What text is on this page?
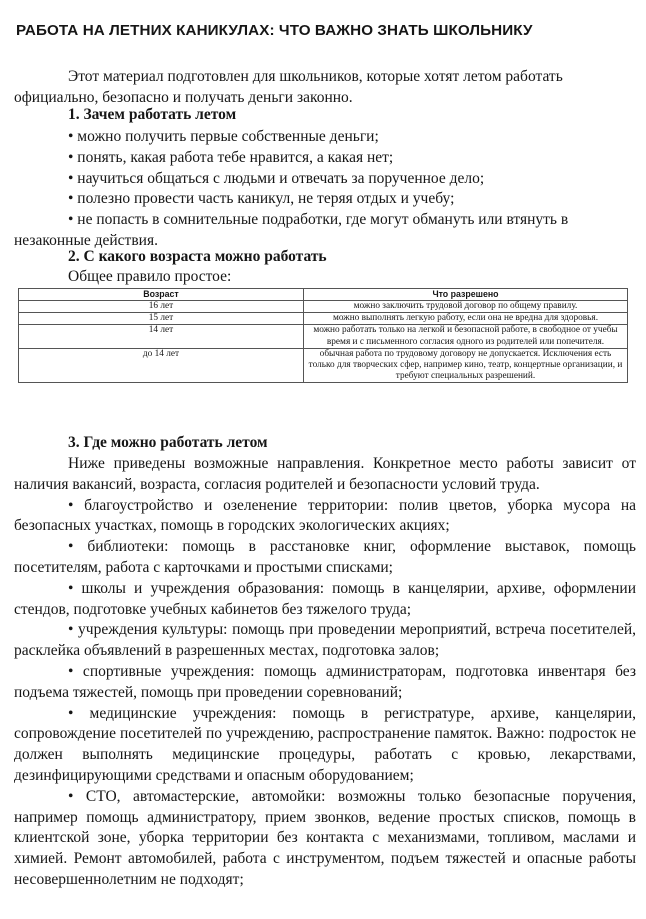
РАБОТА НА ЛЕТНИХ КАНИКУЛАХ: ЧТО ВАЖНО ЗНАТЬ ШКОЛЬНИКУ
Этот материал подготовлен для школьников, которые хотят летом работать
официально, безопасно и получать деньги законно.
1. Зачем работать летом
• можно получить первые собственные деньги;
• понять, какая работа тебе нравится, а какая нет;
• научиться общаться с людьми и отвечать за порученное дело;
• полезно провести часть каникул, не теряя отдых и учебу;
• не попасть в сомнительные подработки, где могут обмануть или втянуть в
незаконные действия.
2. С какого возраста можно работать
Общее правило простое:
Возраст	Что разрешено
16 лет	можно заключить трудовой договор по общему правилу.
15 лет	можно выполнять легкую работу, если она не вредна для здоровья.
14 лет	можно работать только на легкой и безопасной работе, в свободное от учебы время и с письменного согласия одного из родителей или попечителя.
до 14 лет	обычная работа по трудовому договору не допускается. Исключения есть только для творческих сфер, например кино, театр, концертные организации, и требуют специальных разрешений.
3. Где можно работать летом

Ниже приведены возможные направления. Конкретное место работы зависит от наличия вакансий, возраста, согласия родителей и безопасности условий труда.

• благоустройство и озеленение территории: полив цветов, уборка мусора на безопасных участках, помощь в городских экологических акциях;

• библиотеки: помощь в расстановке книг, оформление выставок, помощь посетителям, работа с карточками и простыми списками;

• школы и учреждения образования: помощь в канцелярии, архиве, оформлении стендов, подготовке учебных кабинетов без тяжелого труда;

• учреждения культуры: помощь при проведении мероприятий, встреча посетителей, расклейка объявлений в разрешенных местах, подготовка залов;

• спортивные учреждения: помощь администраторам, подготовка инвентаря без подъема тяжестей, помощь при проведении соревнований;

• медицинские учреждения: помощь в регистратуре, архиве, канцелярии, сопровождение посетителей по учреждению, распространение памяток. Важно: подросток не должен выполнять медицинские процедуры, работать с кровью, лекарствами, дезинфицирующими средствами и опасным оборудованием;

• СТО, автомастерские, автомойки: возможны только безопасные поручения, например помощь администратору, прием звонков, ведение простых списков, помощь в клиентской зоне, уборка территории без контакта с механизмами, топливом, маслами и химией. Ремонт автомобилей, работа с инструментом, подъем тяжестей и опасные работы несовершеннолетним не подходят;
